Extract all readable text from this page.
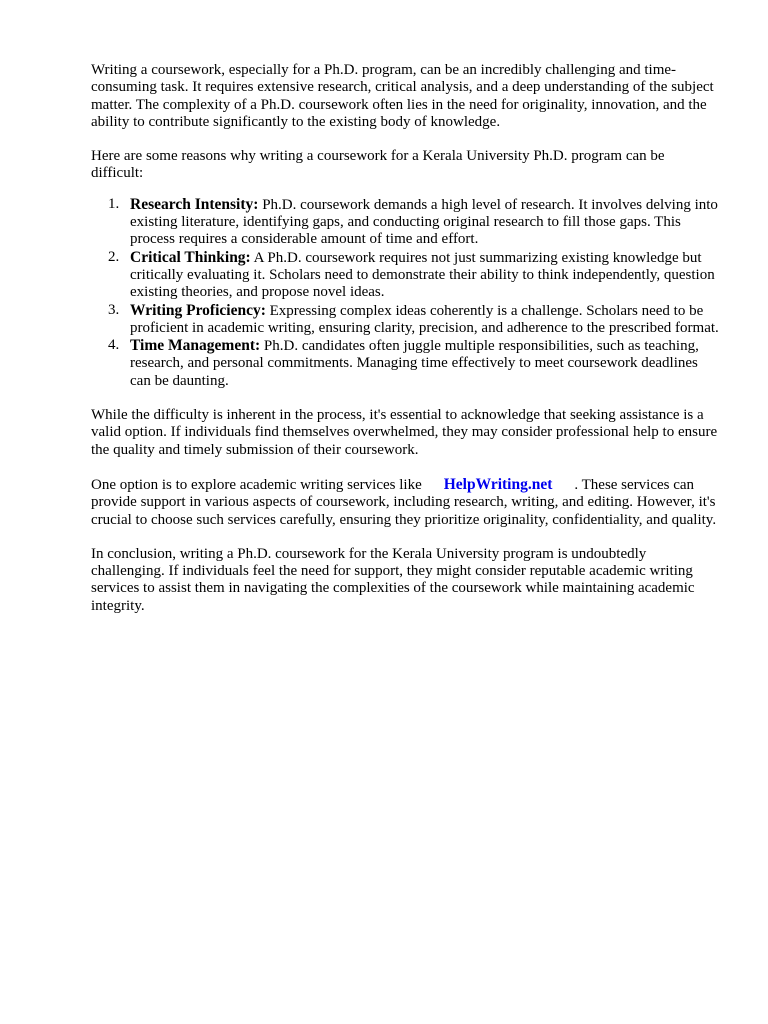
Writing a coursework, especially for a Ph.D. program, can be an incredibly challenging and time-consuming task. It requires extensive research, critical analysis, and a deep understanding of the subject matter. The complexity of a Ph.D. coursework often lies in the need for originality, innovation, and the ability to contribute significantly to the existing body of knowledge.

Here are some reasons why writing a coursework for a Kerala University Ph.D. program can be difficult:

1. Research Intensity: Ph.D. coursework demands a high level of research. It involves delving into existing literature, identifying gaps, and conducting original research to fill those gaps. This process requires a considerable amount of time and effort.
2. Critical Thinking: A Ph.D. coursework requires not just summarizing existing knowledge but critically evaluating it. Scholars need to demonstrate their ability to think independently, question existing theories, and propose novel ideas.
3. Writing Proficiency: Expressing complex ideas coherently is a challenge. Scholars need to be proficient in academic writing, ensuring clarity, precision, and adherence to the prescribed format.
4. Time Management: Ph.D. candidates often juggle multiple responsibilities, such as teaching, research, and personal commitments. Managing time effectively to meet coursework deadlines can be daunting.

While the difficulty is inherent in the process, it's essential to acknowledge that seeking assistance is a valid option. If individuals find themselves overwhelmed, they may consider professional help to ensure the quality and timely submission of their coursework.

One option is to explore academic writing services like HelpWriting.net . These services can provide support in various aspects of coursework, including research, writing, and editing. However, it's crucial to choose such services carefully, ensuring they prioritize originality, confidentiality, and quality.

In conclusion, writing a Ph.D. coursework for the Kerala University program is undoubtedly challenging. If individuals feel the need for support, they might consider reputable academic writing services to assist them in navigating the complexities of the coursework while maintaining academic integrity.
